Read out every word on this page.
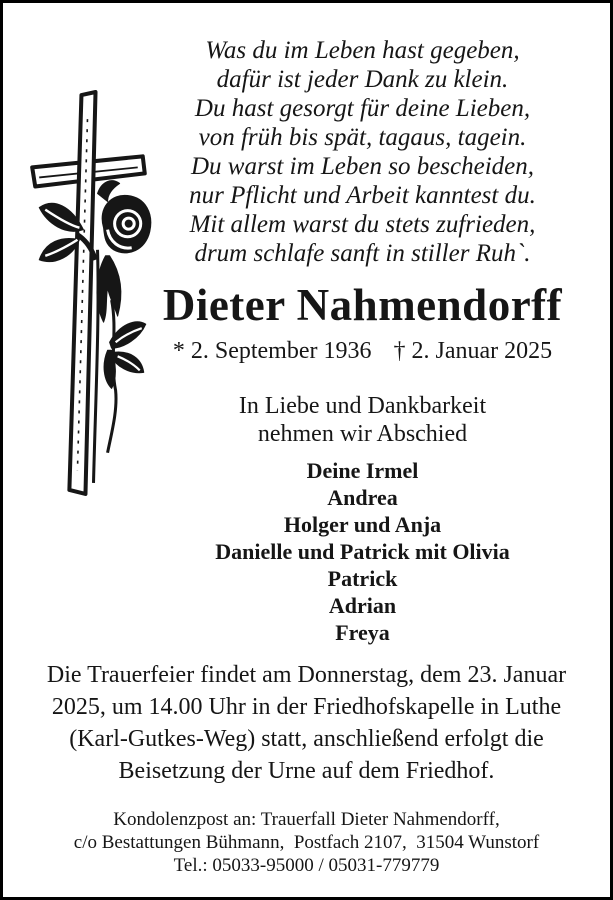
Was du im Leben hast gegeben,
dafür ist jeder Dank zu klein.
Du hast gesorgt für deine Lieben,
von früh bis spät, tagaus, tagein.
Du warst im Leben so bescheiden,
nur Pflicht und Arbeit kanntest du.
Mit allem warst du stets zufrieden,
drum schlafe sanft in stiller Ruh`.
Dieter Nahmendorff
* 2. September 1936 † 2. Januar 2025
In Liebe und Dankbarkeit
nehmen wir Abschied
Deine Irmel
Andrea
Holger und Anja
Danielle und Patrick mit Olivia
Patrick
Adrian
Freya
Die Trauerfeier findet am Donnerstag, dem 23. Januar
2025, um 14.00 Uhr in der Friedhofskapelle in Luthe
(Karl-Gutkes-Weg) statt, anschließend erfolgt die
Beisetzung der Urne auf dem Friedhof.
Kondolenzpost an: Trauerfall Dieter Nahmendorff,
c/o Bestattungen Bühmann,  Postfach 2107,  31504 Wunstorf
Tel.: 05033-95000 / 05031-779779
